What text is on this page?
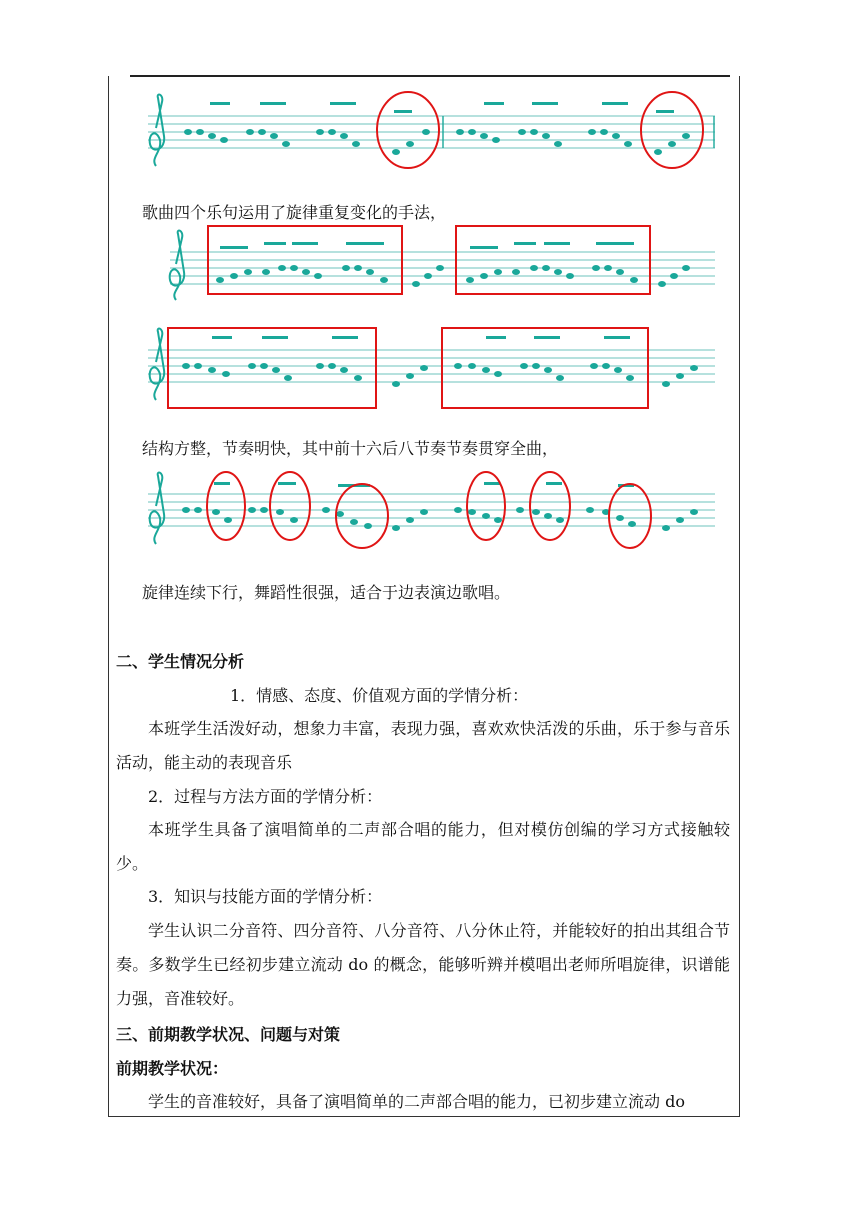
歌曲四个乐句运用了旋律重复变化的手法，
结构方整，节奏明快，其中前十六后八节奏节奏贯穿全曲，
旋律连续下行，舞蹈性很强，适合于边表演边歌唱。
二、学生情况分析
1．情感、态度、价值观方面的学情分析：
本班学生活泼好动，想象力丰富，表现力强，喜欢欢快活泼的乐曲，乐于参与音乐活动，能主动的表现音乐
2．过程与方法方面的学情分析：
本班学生具备了演唱简单的二声部合唱的能力，但对模仿创编的学习方式接触较少。
3．知识与技能方面的学情分析：
学生认识二分音符、四分音符、八分音符、八分休止符，并能较好的拍出其组合节奏。多数学生已经初步建立流动 do 的概念，能够听辨并模唱出老师所唱旋律，识谱能力强，音准较好。
三、前期教学状况、问题与对策
前期教学状况：
学生的音准较好，具备了演唱简单的二声部合唱的能力，已初步建立流动 do
